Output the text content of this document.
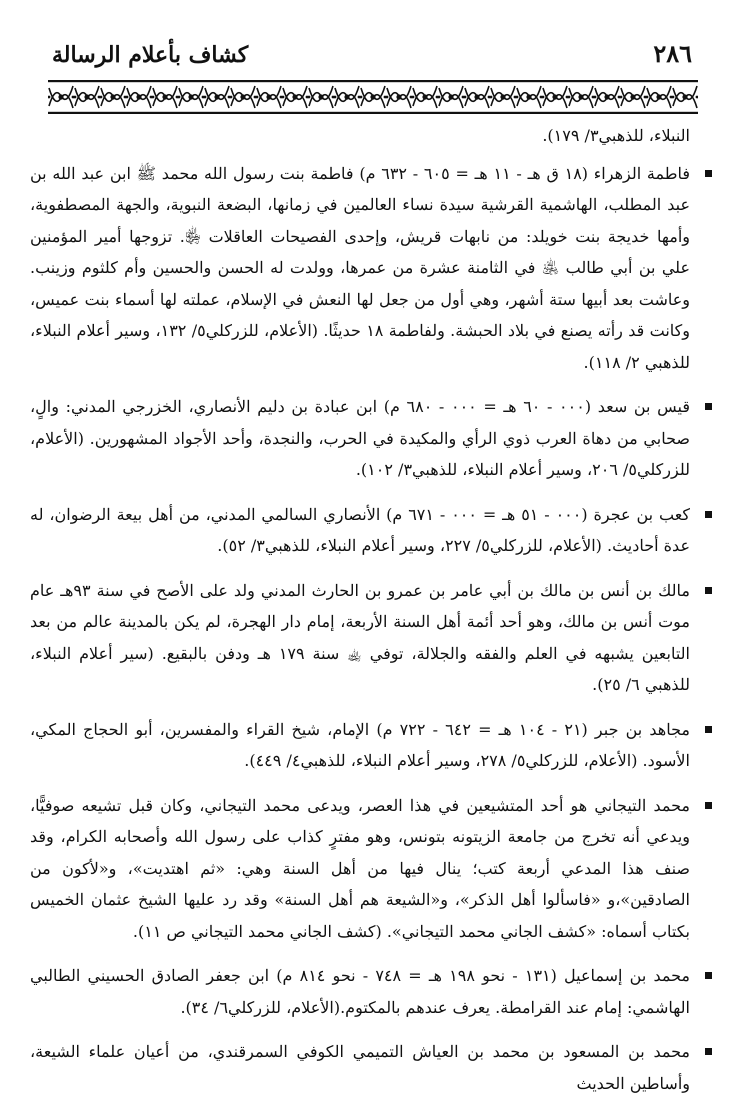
٢٨٦
كشاف بأعلام الرسالة

النبلاء، للذهبي٣/ ١٧٩).

فاطمة الزهراء (١٨ ق هـ - ١١ هـ = ٦٠٥ - ٦٣٢ م) فاطمة بنت رسول الله محمد ﷺ ابن عبد الله بن عبد المطلب، الهاشمية القرشية سيدة نساء العالمين في زمانها، البضعة النبوية، والجهة المصطفوية، وأمها خديجة بنت خويلد: من نابهات قريش، وإحدى الفصيحات العاقلات ﵂. تزوجها أمير المؤمنين علي بن أبي طالب ﵁ في الثامنة عشرة من عمرها، وولدت له الحسن والحسين وأم كلثوم وزينب. وعاشت بعد أبيها ستة أشهر، وهي أول من جعل لها النعش في الإسلام، عملته لها أسماء بنت عميس، وكانت قد رأته يصنع في بلاد الحبشة. ولفاطمة ١٨ حديثًا. (الأعلام، للزركلي٥/ ١٣٢، وسير أعلام النبلاء، للذهبي ٢/ ١١٨).
قيس بن سعد (٠٠٠ - ٦٠ هـ = ٠٠٠ - ٦٨٠ م) ابن عبادة بن دليم الأنصاري، الخزرجي المدني: والٍ، صحابي من دهاة العرب ذوي الرأي والمكيدة في الحرب، والنجدة، وأحد الأجواد المشهورين. (الأعلام، للزركلي٥/ ٢٠٦، وسير أعلام النبلاء، للذهبي٣/ ١٠٢).
كعب بن عجرة (٠٠٠ - ٥١ هـ = ٠٠٠ - ٦٧١ م) الأنصاري السالمي المدني، من أهل بيعة الرضوان، له عدة أحاديث. (الأعلام، للزركلي٥/ ٢٢٧، وسير أعلام النبلاء، للذهبي٣/ ٥٢).
مالك بن أنس بن مالك بن أبي عامر بن عمرو بن الحارث المدني ولد على الأصح في سنة ٩٣هـ عام موت أنس بن مالك، وهو أحد أئمة أهل السنة الأربعة، إمام دار الهجرة، لم يكن بالمدينة عالم من بعد التابعين يشبهه في العلم والفقه والجلالة، توفي ﵀ سنة ١٧٩ هـ ودفن بالبقيع. (سير أعلام النبلاء، للذهبي ٦/ ٢٥).
مجاهد بن جبر (٢١ - ١٠٤ هـ = ٦٤٢ - ٧٢٢ م) الإمام، شيخ القراء والمفسرين، أبو الحجاج المكي، الأسود. (الأعلام، للزركلي٥/ ٢٧٨، وسير أعلام النبلاء، للذهبي٤/ ٤٤٩).
محمد التيجاني هو أحد المتشيعين في هذا العصر، ويدعى محمد التيجاني، وكان قبل تشيعه صوفيًّا، ويدعي أنه تخرج من جامعة الزيتونه بتونس، وهو مفترٍ كذاب على رسول الله وأصحابه الكرام، وقد صنف هذا المدعي أربعة كتب؛ ينال فيها من أهل السنة وهي: «ثم اهتديت»، و«لأكون من الصادقين»،و «فاسألوا أهل الذكر»، و«الشيعة هم أهل السنة» وقد رد عليها الشيخ عثمان الخميس بكتاب أسماه: «كشف الجاني محمد التيجاني». (كشف الجاني محمد التيجاني ص ١١).
محمد بن إسماعيل (١٣١ - نحو ١٩٨ هـ = ٧٤٨ - نحو ٨١٤ م) ابن جعفر الصادق الحسيني الطالبي الهاشمي: إمام عند القرامطة. يعرف عندهم بالمكتوم.(الأعلام، للزركلي٦/ ٣٤).
محمد بن المسعود بن محمد بن العياش التميمي الكوفي السمرقندي، من أعيان علماء الشيعة، وأساطين الحديث
